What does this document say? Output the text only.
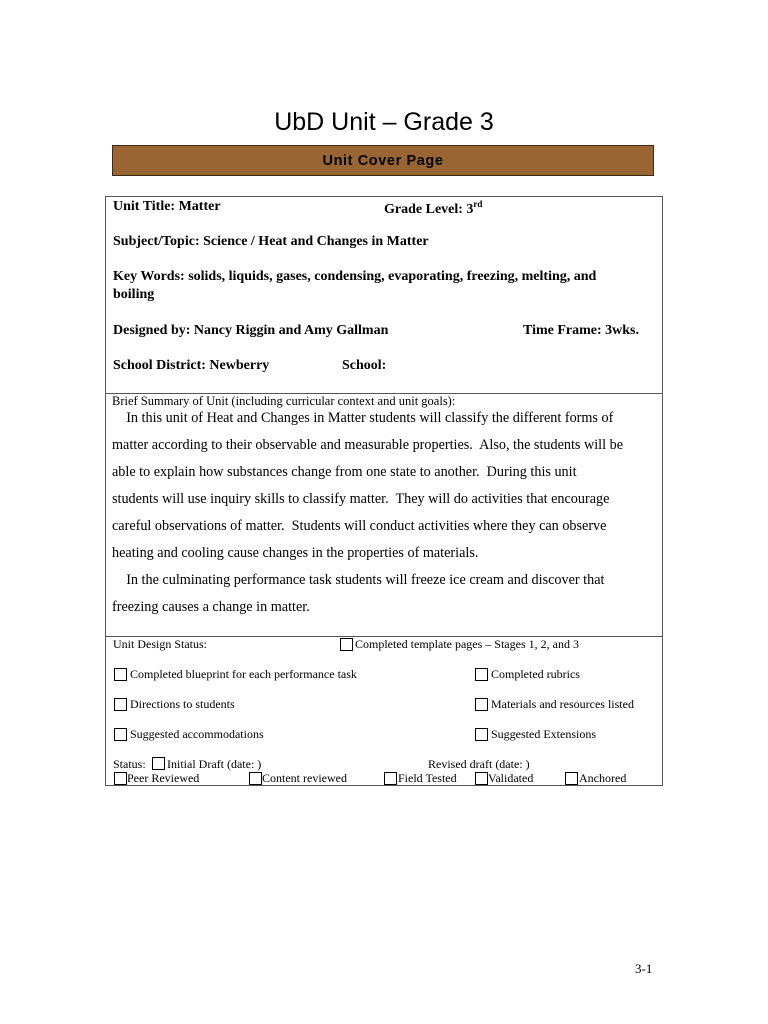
UbD Unit – Grade 3
Unit Cover Page
Unit Title: Matter	Grade Level: 3rd
Subject/Topic: Science / Heat and Changes in Matter
Key Words: solids, liquids, gases, condensing, evaporating, freezing, melting, and
boiling
Designed by: Nancy Riggin and Amy Gallman	Time Frame: 3wks.
School District: Newberry	School:
Brief Summary of Unit (including curricular context and unit goals):
In this unit of Heat and Changes in Matter students will classify the different forms of
matter according to their observable and measurable properties.  Also, the students will be
able to explain how substances change from one state to another.  During this unit
students will use inquiry skills to classify matter.  They will do activities that encourage
careful observations of matter.  Students will conduct activities where they can observe
heating and cooling cause changes in the properties of materials.
In the culminating performance task students will freeze ice cream and discover that
freezing causes a change in matter.
Unit Design Status:	Completed template pages – Stages 1, 2, and 3
Completed blueprint for each performance task	Completed rubrics
Directions to students	Materials and resources listed
Suggested accommodations	Suggested Extensions
Status: Initial Draft (date: )	Revised draft (date: )
Peer Reviewed	Content reviewed	Field Tested	Validated	Anchored
3-1
